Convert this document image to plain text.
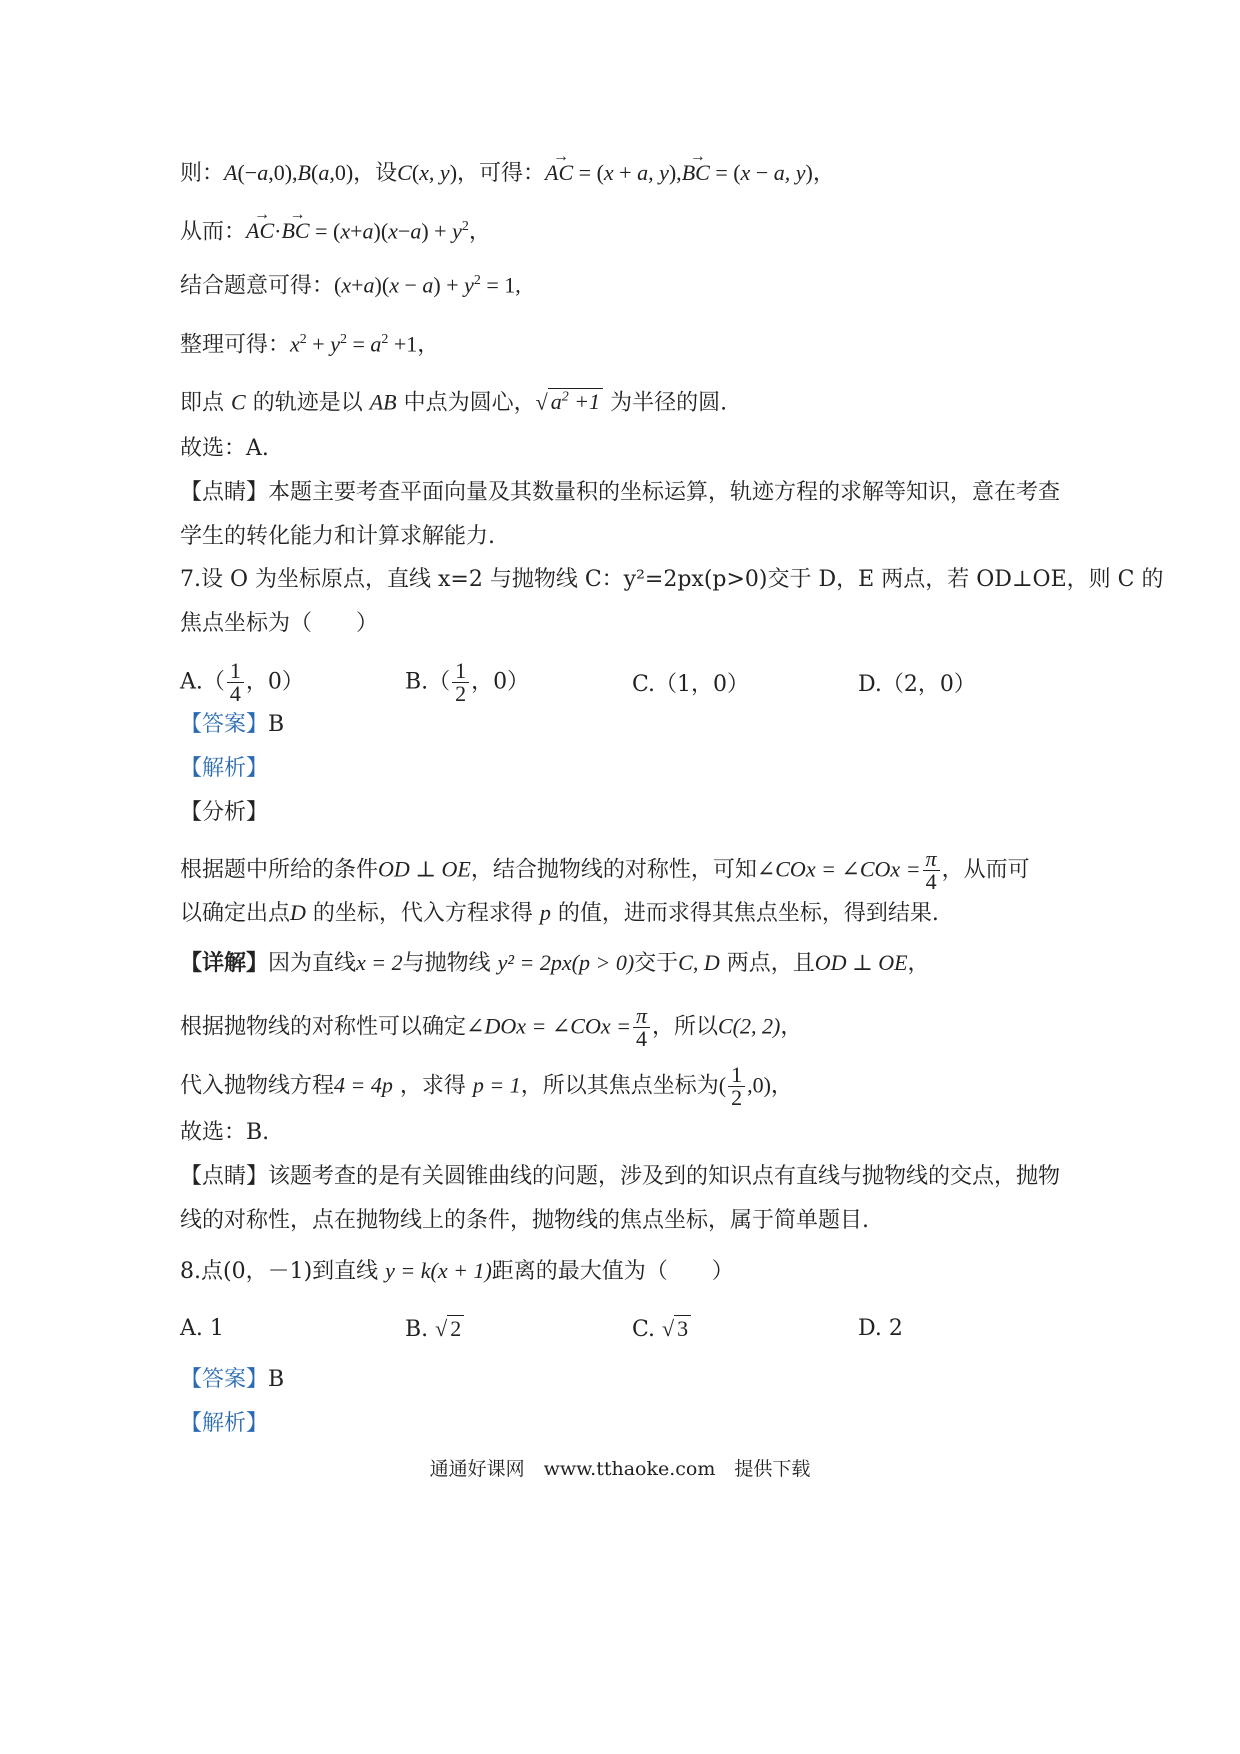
则：A(−a,0),B(a,0)，设C(x, y)，可得：→ AC = (x + a, y),→ BC = (x − a, y)，
从而：→ AC·→ BC = $(x+a)(x-a) + y^2$，
结合题意可得：$(x+a)(x - a) + y^2 = 1$,
整理可得：$x^2 + y^2 = a^2 +1$，
即点 C 的轨迹是以 AB 中点为圆心，√ $a^2 +1$ 为半径的圆.
故选：A.
【点睛】本题主要考查平面向量及其数量积的坐标运算，轨迹方程的求解等知识，意在考查
学生的转化能力和计算求解能力.
7.设 O 为坐标原点，直线 x=2 与抛物线 C：y²=2px(p>0)交于 D，E 两点，若 OD⊥OE，则 C 的
焦点坐标为（　　）
$A.( \frac{1}{4}$ ，0）	$B.( \frac{1}{2}$ ，0）	C.（1，0）	D.（2，0）
【答案】B
【解析】
【分析】
根据题中所给的条件OD ⊥ OE，结合抛物线的对称性，可知∠COx = ∠COx = $\frac{\pi}{4}$ ，从而可
以确定出点D 的坐标，代入方程求得 p 的值，进而求得其焦点坐标，得到结果.
【详解】因为直线x = 2与抛物线 y² = 2px(p > 0)交于C, D 两点，且OD ⊥ OE，
根据抛物线的对称性可以确定∠DOx = ∠COx = $\frac{\pi}{4}$ ，所以C(2, 2)，
代入抛物线方程4 = 4p ，求得 p = 1，所以其焦点坐标为( $\frac{1}{2} ,0$)，
故选：B.
【点睛】该题考查的是有关圆锥曲线的问题，涉及到的知识点有直线与抛物线的交点，抛物
线的对称性，点在抛物线上的条件，抛物线的焦点坐标，属于简单题目.
8.点(0，－1)到直线 y = k(x + 1)距离的最大值为（　　）
A. 1	B. √ 2	C. √ 3	D. 2
【答案】B
【解析】
通通好课网　www.tthaoke.com　提供下载
